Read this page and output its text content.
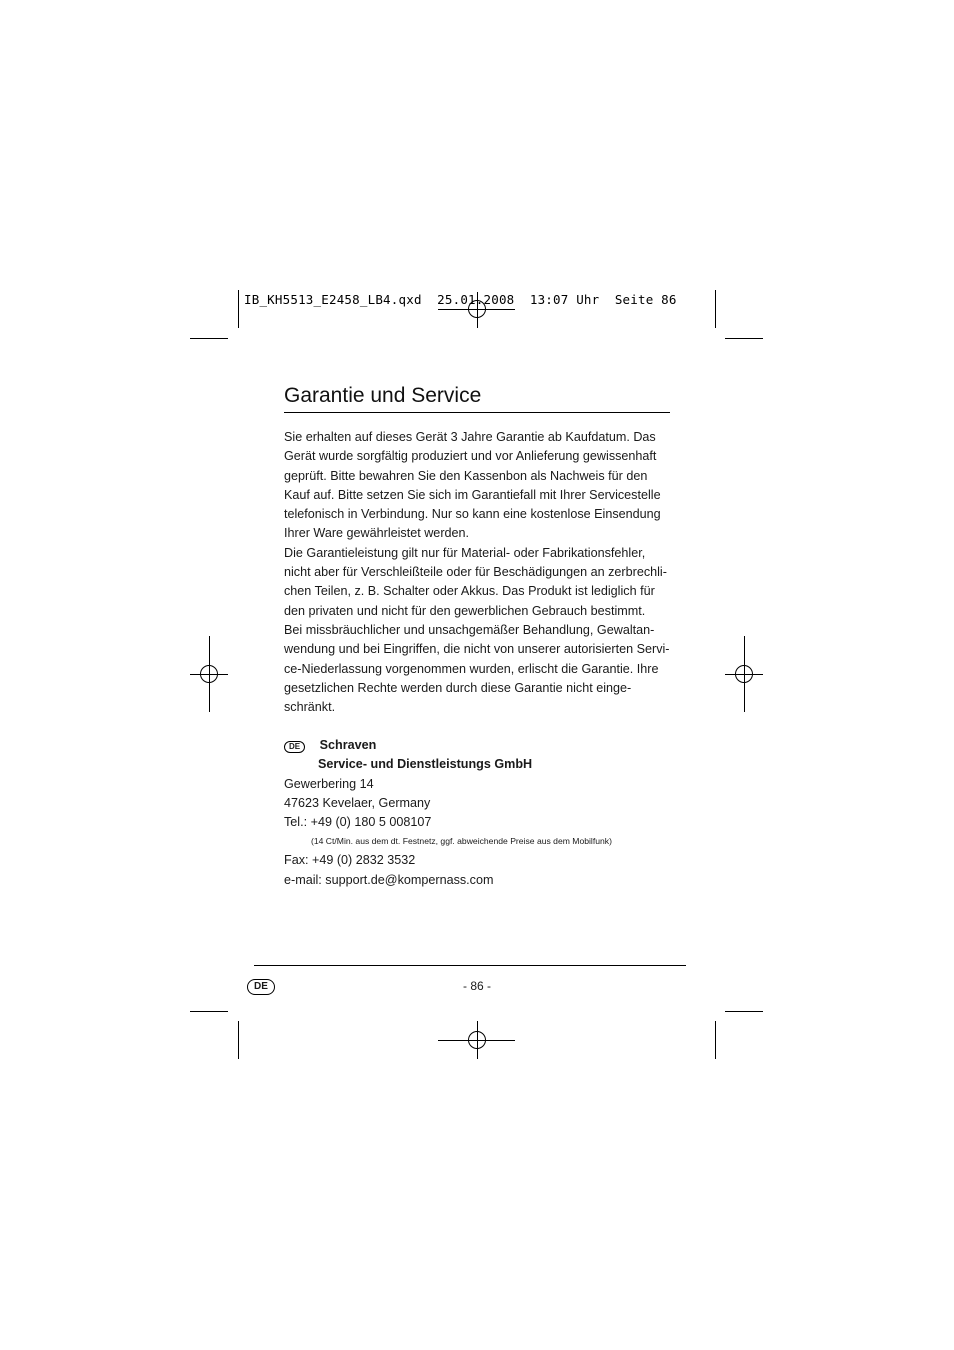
IB_KH5513_E2458_LB4.qxd  25.01.2008  13:07 Uhr  Seite 86
Garantie und Service
Sie erhalten auf dieses Gerät 3 Jahre Garantie ab Kaufdatum. Das
Gerät wurde sorgfältig produziert und vor Anlieferung gewissenhaft
geprüft. Bitte bewahren Sie den Kassenbon als Nachweis für den
Kauf auf. Bitte setzen Sie sich im Garantiefall mit Ihrer Servicestelle
telefonisch in Verbindung. Nur so kann eine kostenlose Einsendung
Ihrer Ware gewährleistet werden.
Die Garantieleistung gilt nur für Material- oder Fabrikationsfehler,
nicht aber für Verschleißteile oder für Beschädigungen an zerbrechli-
chen Teilen, z. B. Schalter oder Akkus. Das Produkt ist lediglich für
den privaten und nicht für den gewerblichen Gebrauch bestimmt.
Bei missbräuchlicher und unsachgemäßer Behandlung, Gewaltan-
wendung und bei Eingriffen, die nicht von unserer autorisierten Servi-
ce-Niederlassung vorgenommen wurden, erlischt die Garantie. Ihre
gesetzlichen Rechte werden durch diese Garantie nicht einge-
schränkt.
DE Schraven
Service- und Dienstleistungs GmbH
Gewerbering 14
47623 Kevelaer, Germany
Tel.: +49 (0) 180 5 008107
(14 Ct/Min. aus dem dt. Festnetz, ggf. abweichende Preise aus dem Mobilfunk)
Fax: +49 (0) 2832 3532
e-mail: support.de@kompernass.com
DE	- 86 -
